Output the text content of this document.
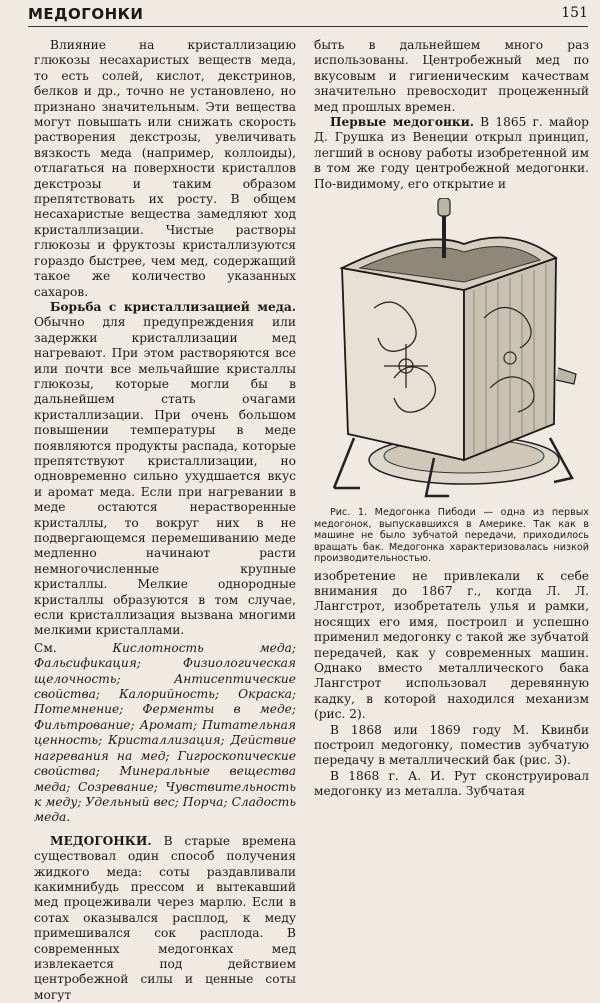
МЕДОГОНКИ	151

Влияние на кристаллизацию глюкозы несахаристых веществ меда, то есть солей, кислот, декстринов, белков и др., точно не установлено, но признано значительным. Эти вещества могут повышать или снижать скорость растворения декстрозы, увеличивать вязкость меда (например, коллоиды), отлагаться на поверхности кристаллов декстрозы и таким образом препятствовать их росту. В общем несахаристые вещества замедляют ход кристаллизации. Чистые растворы глюкозы и фруктозы кристаллизуются гораздо быстрее, чем мед, содержащий такое же количество указанных сахаров.

Борьба с кристаллизацией меда. Обычно для предупреждения или задержки кристаллизации мед нагревают. При этом растворяются все или почти все мельчайшие кристаллы глюкозы, которые могли бы в дальнейшем стать очагами кристаллизации. При очень большом повышении температуры в меде появляются продукты распада, которые препятствуют кристаллизации, но одновременно сильно ухудшается вкус и аромат меда. Если при нагревании в меде остаются нерастворенные кристаллы, то вокруг них в не подвергающемся перемешиванию меде медленно начинают расти немногочисленные крупные кристаллы. Мелкие однородные кристаллы образуются в том случае, если кристаллизация вызвана многими мелкими кристаллами.

См. Кислотность меда; Фальсификация; Физиологическая щелочность; Антисептические свойства; Калорийность; Окраска; Потемнение; Ферменты в меде; Фильтрование; Аромат; Питательная ценность; Кристаллизация; Действие нагревания на мед; Гигроскопические свойства; Минеральные вещества меда; Созревание; Чувствительность к меду; Удельный вес; Порча; Сладость меда.

МЕДОГОНКИ. В старые времена существовал один способ получения жидкого меда: соты раздавливали какимнибудь прессом и вытекавший мед процеживали через марлю. Если в сотах оказывался расплод, к меду примешивался сок расплода. В современных медогонках мед извлекается под действием центробежной силы и ценные соты могут

быть в дальнейшем много раз использованы. Центробежный мед по вкусовым и гигиеническим качествам значительно превосходит процеженный мед прошлых времен.

Первые медогонки. В 1865 г. майор Д. Грушка из Венеции открыл принцип, легший в основу работы изобретенной им в том же году центробежной медогонки. По-видимому, его открытие и

Рис. 1. Медогонка Пибоди — одна из первых медогонок, выпускавшихся в Америке. Так как в машине не было зубчатой передачи, приходилось вращать бак. Медогонка характеризовалась низкой производительностью.

изобретение не привлекали к себе внимания до 1867 г., когда Л. Л. Лангстрот, изобретатель улья и рамки, носящих его имя, построил и успешно применил медогонку с такой же зубчатой передачей, как у современных машин. Однако вместо металлического бака Лангстрот использовал деревянную кадку, в которой находился механизм (рис. 2).

В 1868 или 1869 году М. Квинби построил медогонку, поместив зубчатую передачу в металлический бак (рис. 3).

В 1868 г. А. И. Рут сконструировал медогонку из металла. Зубчатая
